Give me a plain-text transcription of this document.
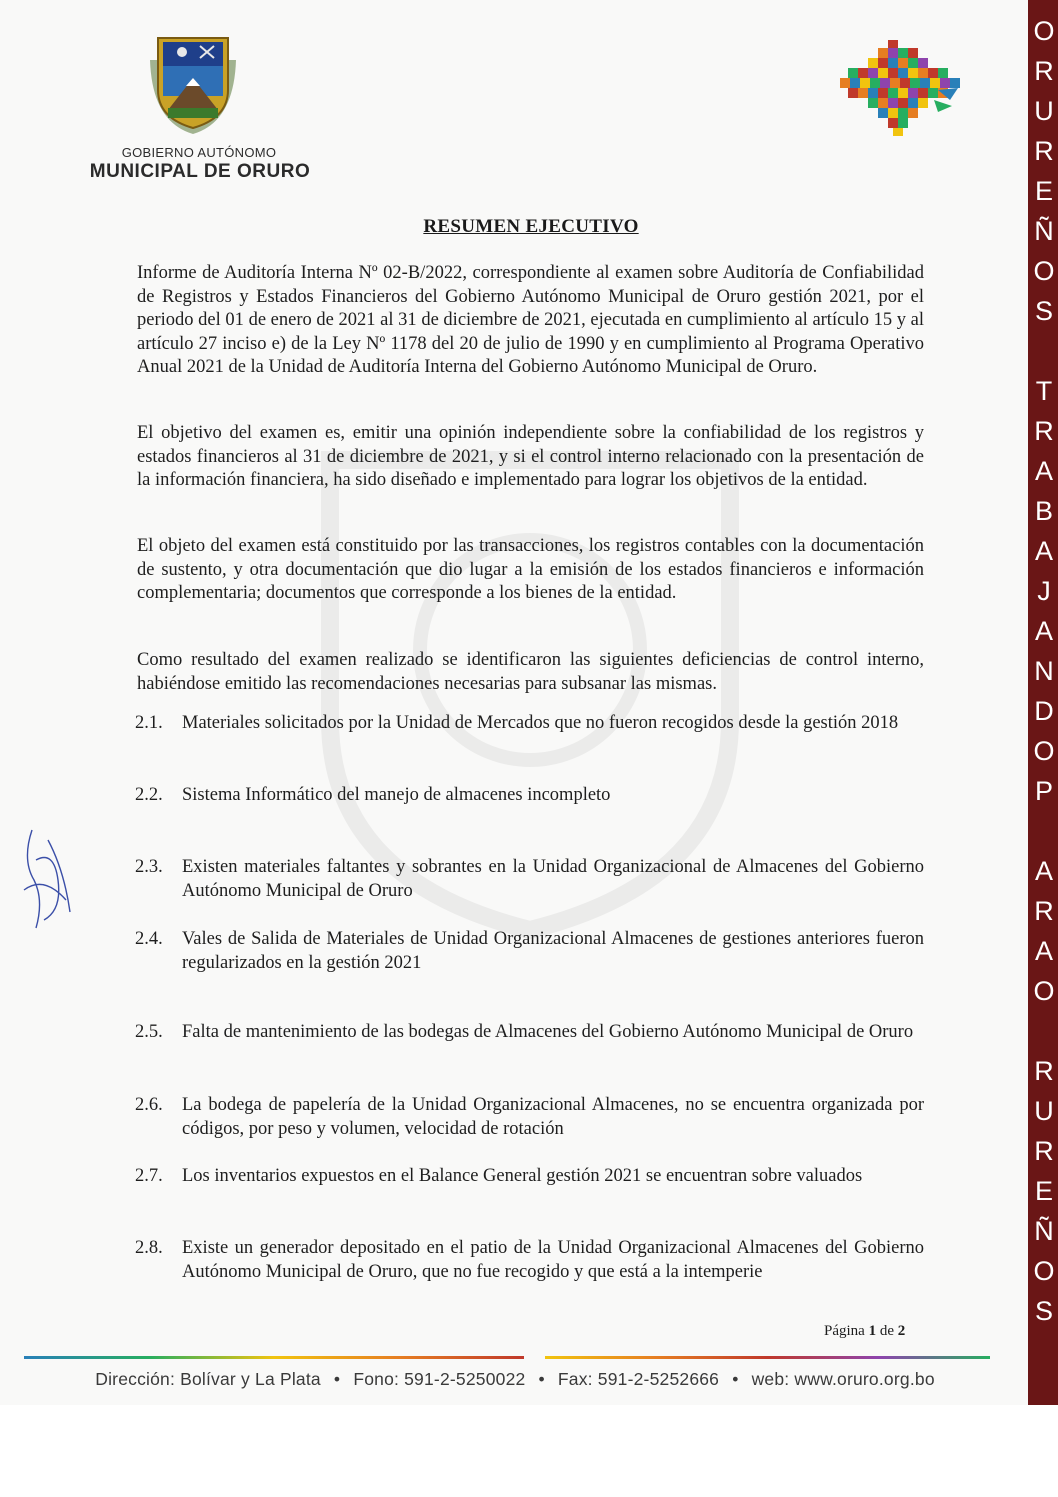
GOBIERNO AUTÓNOMO
MUNICIPAL DE ORURO
RESUMEN EJECUTIVO

Informe de Auditoría Interna Nº 02-B/2022, correspondiente al examen sobre Auditoría de Confiabilidad de Registros y Estados Financieros del Gobierno Autónomo Municipal de Oruro gestión 2021, por el periodo del 01 de enero de 2021 al 31 de diciembre de 2021, ejecutada en cumplimiento al artículo 15 y al artículo 27 inciso e) de la Ley Nº 1178 del 20 de julio de 1990 y en cumplimiento al Programa Operativo Anual 2021 de la Unidad de Auditoría Interna del Gobierno Autónomo Municipal de Oruro.

El objetivo del examen es, emitir una opinión independiente sobre la confiabilidad de los registros y estados financieros al 31 de diciembre de 2021, y si el control interno relacionado con la presentación de la información financiera, ha sido diseñado e implementado para lograr los objetivos de la entidad.

El objeto del examen está constituido por las transacciones, los registros contables con la documentación de sustento, y otra documentación que dio lugar a la emisión de los estados financieros e información complementaria; documentos que corresponde a los bienes de la entidad.

Como resultado del examen realizado se identificaron las siguientes deficiencias de control interno, habiéndose emitido las recomendaciones necesarias para subsanar las mismas.

2.1.	Materiales solicitados por la Unidad de Mercados que no fueron recogidos desde la gestión 2018
2.2.	Sistema Informático del manejo de almacenes incompleto
2.3.	Existen materiales faltantes y sobrantes en la Unidad Organizacional de Almacenes del Gobierno Autónomo Municipal de Oruro
2.4.	Vales de Salida de Materiales de Unidad Organizacional Almacenes de gestiones anteriores fueron regularizados en la gestión 2021
2.5.	Falta de mantenimiento de las bodegas de Almacenes del Gobierno Autónomo Municipal de Oruro
2.6.	La bodega de papelería de la Unidad Organizacional Almacenes, no se encuentra organizada por códigos, por peso y volumen, velocidad de rotación
2.7.	Los inventarios expuestos en el Balance General gestión 2021 se encuentran sobre valuados
2.8.	Existe un generador depositado en el patio de la Unidad Organizacional Almacenes del Gobierno Autónomo Municipal de Oruro, que no fue recogido y que está a la intemperie
Página 1 de 2
Dirección: Bolívar y La Plata • Fono: 591-2-5250022 • Fax: 591-2-5252666 • web: www.oruro.org.bo
O
R
U
R
E
Ñ
O
S
T
R
A
B
A
J
A
N
D
O
P
A
R
A
O
R
U
R
E
Ñ
O
S
